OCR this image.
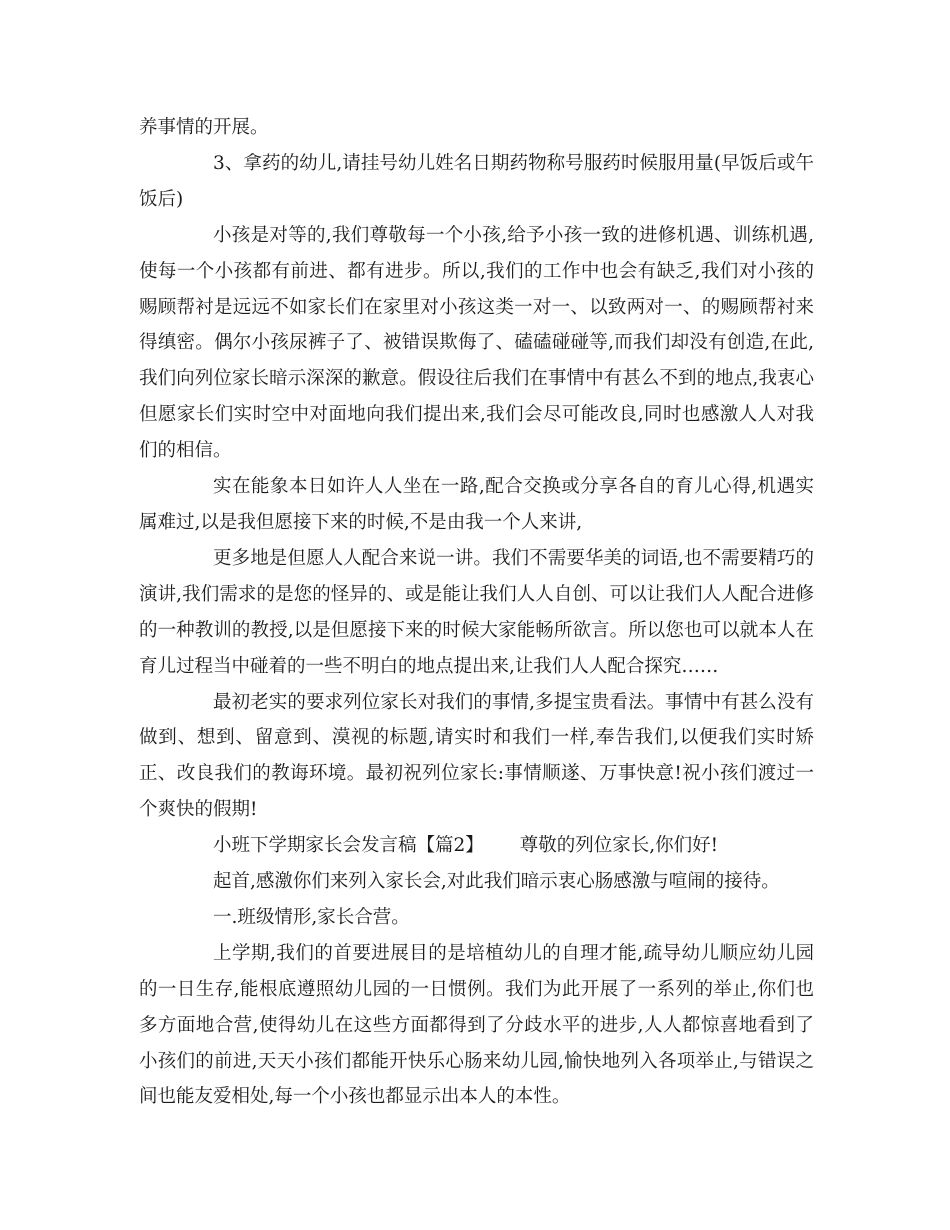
养事情的开展。

3、拿药的幼儿,请挂号幼儿姓名日期药物称号服药时候服用量(早饭后或午饭后)

小孩是对等的,我们尊敬每一个小孩,给予小孩一致的进修机遇、训练机遇,使每一个小孩都有前进、都有进步。所以,我们的工作中也会有缺乏,我们对小孩的赐顾帮衬是远远不如家长们在家里对小孩这类一对一、以致两对一、的赐顾帮衬来得缜密。偶尔小孩尿裤子了、被错误欺侮了、磕磕碰碰等,而我们却没有创造,在此,我们向列位家长暗示深深的歉意。假设往后我们在事情中有甚么不到的地点,我衷心但愿家长们实时空中对面地向我们提出来,我们会尽可能改良,同时也感激人人对我们的相信。

实在能象本日如许人人坐在一路,配合交换或分享各自的育儿心得,机遇实属难过,以是我但愿接下来的时候,不是由我一个人来讲,

更多地是但愿人人配合来说一讲。我们不需要华美的词语,也不需要精巧的演讲,我们需求的是您的怪异的、或是能让我们人人自创、可以让我们人人配合进修的一种教训的教授,以是但愿接下来的时候大家能畅所欲言。所以您也可以就本人在育儿过程当中碰着的一些不明白的地点提出来,让我们人人配合探究……

最初老实的要求列位家长对我们的事情,多提宝贵看法。事情中有甚么没有做到、想到、留意到、漠视的标题,请实时和我们一样,奉告我们,以便我们实时矫正、改良我们的教诲环境。最初祝列位家长:事情顺遂、万事快意!祝小孩们渡过一个爽快的假期!

小班下学期家长会发言稿【篇2】 尊敬的列位家长,你们好!

起首,感激你们来列入家长会,对此我们暗示衷心肠感激与喧闹的接待。

一.班级情形,家长合营。

上学期,我们的首要进展目的是培植幼儿的自理才能,疏导幼儿顺应幼儿园的一日生存,能根底遵照幼儿园的一日惯例。我们为此开展了一系列的举止,你们也多方面地合营,使得幼儿在这些方面都得到了分歧水平的进步,人人都惊喜地看到了小孩们的前进,天天小孩们都能开快乐心肠来幼儿园,愉快地列入各项举止,与错误之间也能友爱相处,每一个小孩也都显示出本人的本性。
